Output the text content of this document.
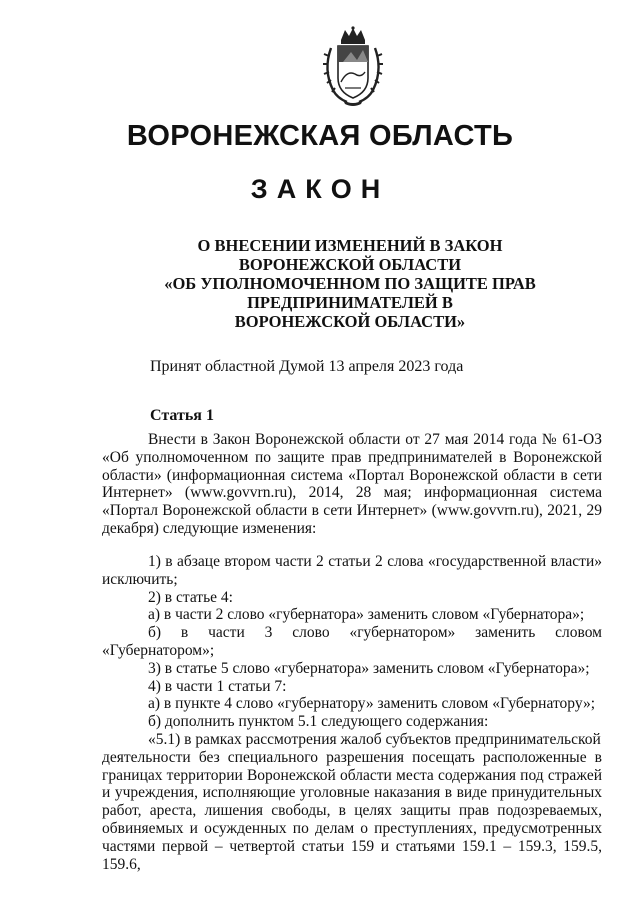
ВОРОНЕЖСКАЯ ОБЛАСТЬ
ЗАКОН
О ВНЕСЕНИИ ИЗМЕНЕНИЙ В ЗАКОН
ВОРОНЕЖСКОЙ ОБЛАСТИ
«ОБ УПОЛНОМОЧЕННОМ ПО ЗАЩИТЕ ПРАВ
ПРЕДПРИНИМАТЕЛЕЙ В
ВОРОНЕЖСКОЙ ОБЛАСТИ»
Принят областной Думой 13 апреля 2023 года
Статья 1

Внести в Закон Воронежской области от 27 мая 2014 года № 61-ОЗ «Об уполномоченном по защите прав предпринимателей в Воронежской области» (информационная система «Портал Воронежской области в сети Интернет» (www.govvrn.ru), 2014, 28 мая; информационная система «Портал Воронежской области в сети Интернет» (www.govvrn.ru), 2021, 29 декабря) следующие изменения:

1) в абзаце втором части 2 статьи 2 слова «государственной власти» исключить;

2) в статье 4:

а) в части 2 слово «губернатора» заменить словом «Губернатора»;

б) в части 3 слово «губернатором» заменить словом «Губернатором»;

3) в статье 5 слово «губернатора» заменить словом «Губернатора»;

4) в части 1 статьи 7:

а) в пункте 4 слово «губернатору» заменить словом «Губернатору»;

б) дополнить пунктом 5.1 следующего содержания:

«5.1) в рамках рассмотрения жалоб субъектов предпринимательской

деятельности без специального разрешения посещать расположенные в границах территории Воронежской области места содержания под стражей и учреждения, исполняющие уголовные наказания в виде принудительных работ, ареста, лишения свободы, в целях защиты прав подозреваемых, обвиняемых и осужденных по делам о преступлениях, предусмотренных частями первой – четвертой статьи 159 и статьями 159.1 – 159.3, 159.5, 159.6,
